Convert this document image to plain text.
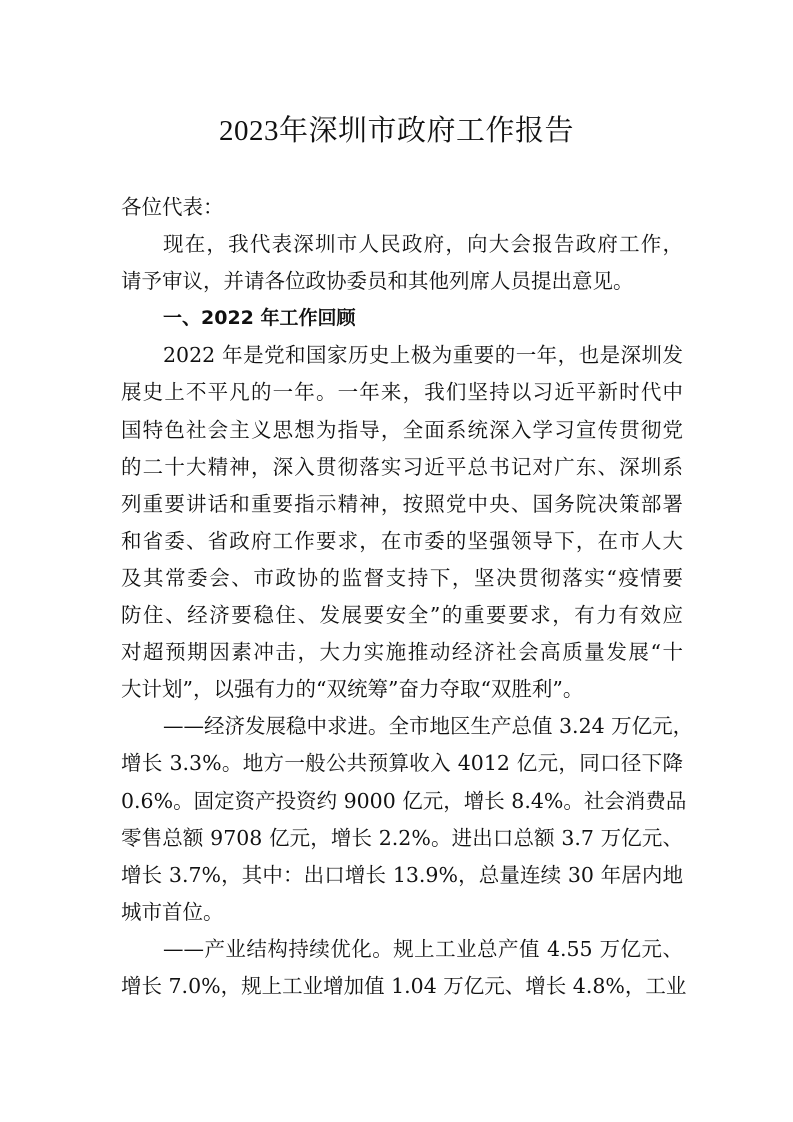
2023年深圳市政府工作报告
各位代表：
现在，我代表深圳市人民政府，向大会报告政府工作，
请予审议，并请各位政协委员和其他列席人员提出意见。
一、2022 年工作回顾
2022 年是党和国家历史上极为重要的一年，也是深圳发
展史上不平凡的一年。一年来，我们坚持以习近平新时代中
国特色社会主义思想为指导，全面系统深入学习宣传贯彻党
的二十大精神，深入贯彻落实习近平总书记对广东、深圳系
列重要讲话和重要指示精神，按照党中央、国务院决策部署
和省委、省政府工作要求，在市委的坚强领导下，在市人大
及其常委会、市政协的监督支持下，坚决贯彻落实“疫情要
防住、经济要稳住、发展要安全”的重要要求，有力有效应
对超预期因素冲击，大力实施推动经济社会高质量发展“十
大计划”，以强有力的“双统筹”奋力夺取“双胜利”。
——经济发展稳中求进。全市地区生产总值 3.24 万亿元，
增长 3.3%。地方一般公共预算收入 4012 亿元，同口径下降
0.6%。固定资产投资约 9000 亿元，增长 8.4%。社会消费品
零售总额 9708 亿元，增长 2.2%。进出口总额 3.7 万亿元、
增长 3.7%，其中：出口增长 13.9%，总量连续 30 年居内地
城市首位。
——产业结构持续优化。规上工业总产值 4.55 万亿元、
增长 7.0%，规上工业增加值 1.04 万亿元、增长 4.8%，工业
